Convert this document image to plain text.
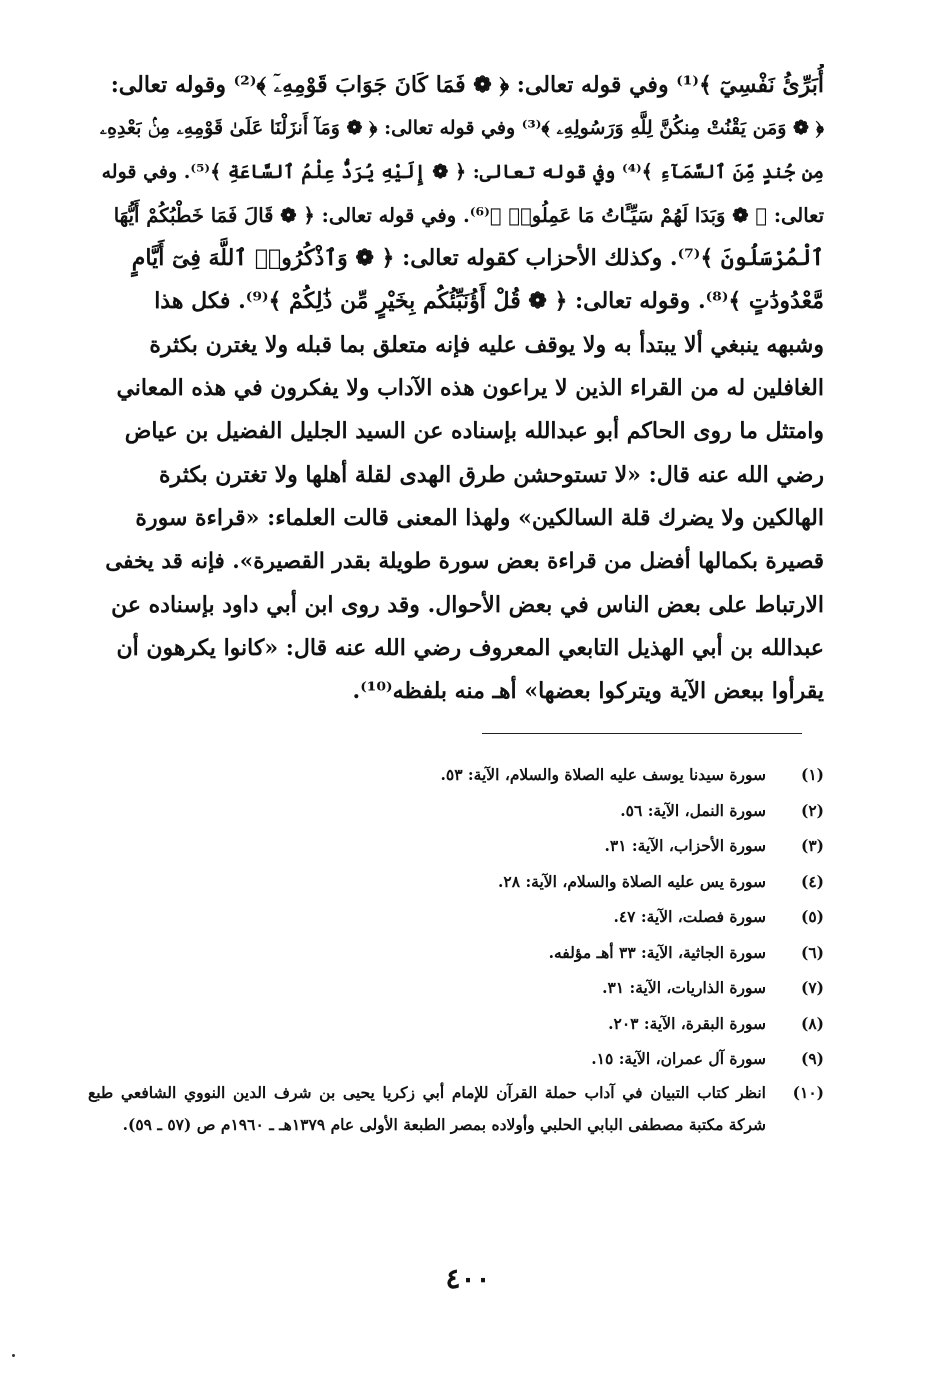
أُبَرِّئُ نَفْسِيٓ ﴾⁽¹⁾ وفي قوله تعالى: ﴿ ❁ فَمَا كَانَ جَوَابَ قَوْمِهِۦٓ ﴾⁽²⁾ وقوله تعالى:
﴿ ❁ وَمَن يَقْنُتْ مِنكُنَّ لِلَّهِ وَرَسُولِهِۦ ﴾⁽³⁾ وفي قوله تعالى: ﴿ ❁ وَمَآ أَنزَلْنَا عَلَىٰ قَوْمِهِۦ مِنۢ بَعْدِهِۦ
مِن جُندٍ مِّنَ ٱلسَّمَآءِ ﴾⁽⁴⁾ وفي قوله تعالى: ﴿ ❁ إِلَيْهِ يُرَدُّ عِلْمُ ٱلسَّاعَةِ ﴾⁽⁵⁾. وفي قوله
تعالى: ﴿ ❁ وَبَدَا لَهُمْ سَيِّـَٔاتُ مَا عَمِلُوا۟ ﴾⁽⁶⁾. وفي قوله تعالى: ﴿ ❁ قَالَ فَمَا خَطْبُكُمْ أَيُّهَا
ٱلْمُرْسَلُونَ ﴾⁽⁷⁾. وكذلك الأحزاب كقوله تعالى: ﴿ ❁ وَٱذْكُرُوا۟ ٱللَّهَ فِىٓ أَيَّامٍ
مَّعْدُودَٰتٍ ﴾⁽⁸⁾. وقوله تعالى: ﴿ ❁ قُلْ أَؤُنَبِّئُكُم بِخَيْرٍ مِّن ذَٰلِكُمْ ﴾⁽⁹⁾. فكل هذا
وشبهه ينبغي ألا يبتدأ به ولا يوقف عليه فإنه متعلق بما قبله ولا يغترن بكثرة
الغافلين له من القراء الذين لا يراعون هذه الآداب ولا يفكرون في هذه المعاني
وامتثل ما روى الحاكم أبو عبدالله بإسناده عن السيد الجليل الفضيل بن عياض
رضي الله عنه قال: «لا تستوحشن طرق الهدى لقلة أهلها ولا تغترن بكثرة
الهالكين ولا يضرك قلة السالكين» ولهذا المعنى قالت العلماء: «قراءة سورة
قصيرة بكمالها أفضل من قراءة بعض سورة طويلة بقدر القصيرة». فإنه قد يخفى
الارتباط على بعض الناس في بعض الأحوال. وقد روى ابن أبي داود بإسناده عن
عبدالله بن أبي الهذيل التابعي المعروف رضي الله عنه قال: «كانوا يكرهون أن
يقرأوا ببعض الآية ويتركوا بعضها» أهـ منه بلفظه⁽¹⁰⁾.
(١)
سورة سيدنا يوسف عليه الصلاة والسلام، الآية: ٥٣.
(٢)
سورة النمل، الآية: ٥٦.
(٣)
سورة الأحزاب، الآية: ٣١.
(٤)
سورة يس عليه الصلاة والسلام، الآية: ٢٨.
(٥)
سورة فصلت، الآية: ٤٧.
(٦)
سورة الجاثية، الآية: ٣٣ أهـ مؤلفه.
(٧)
سورة الذاريات، الآية: ٣١.
(٨)
سورة البقرة، الآية: ٢٠٣.
(٩)
سورة آل عمران، الآية: ١٥.
(١٠)
انظر كتاب التبيان في آداب حملة القرآن للإمام أبي زكريا يحيى بن شرف الدين النووي الشافعي طبع شركة مكتبة مصطفى البابي الحلبي وأولاده بمصر الطبعة الأولى عام ١٣٧٩هـ ـ ١٩٦٠م ص (٥٧ ـ ٥٩).
٤٠٠
